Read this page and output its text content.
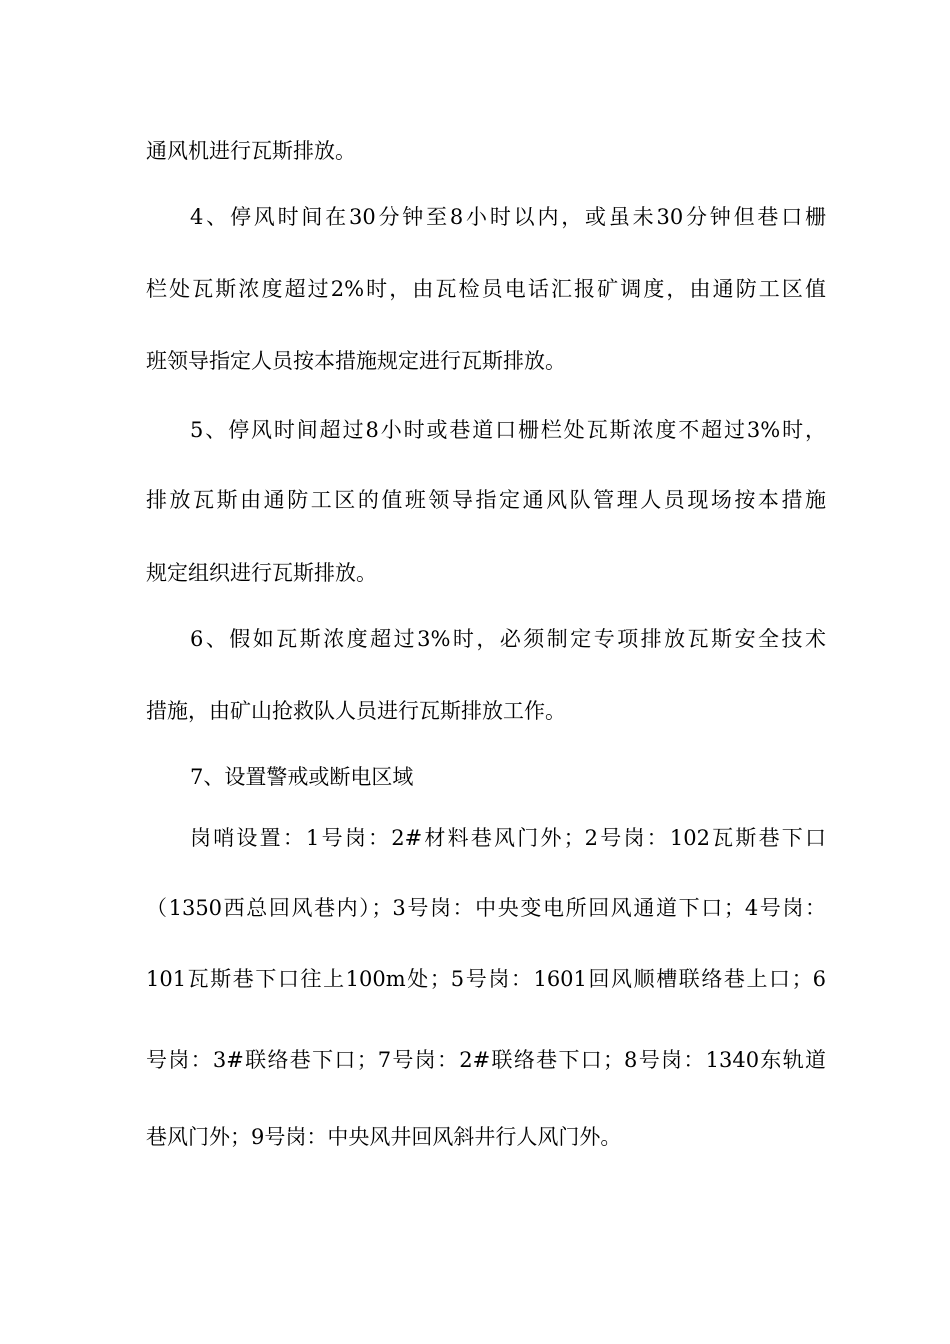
通风机进行瓦斯排放。
4、停风时间在30分钟至8小时以内，或虽未30分钟但巷口栅
栏处瓦斯浓度超过2%时，由瓦检员电话汇报矿调度，由通防工区值
班领导指定人员按本措施规定进行瓦斯排放。
5、停风时间超过8小时或巷道口栅栏处瓦斯浓度不超过3%时，
排放瓦斯由通防工区的值班领导指定通风队管理人员现场按本措施
规定组织进行瓦斯排放。
6、假如瓦斯浓度超过3%时，必须制定专项排放瓦斯安全技术
措施，由矿山抢救队人员进行瓦斯排放工作。
7、设置警戒或断电区域
岗哨设置：1号岗：2#材料巷风门外；2号岗：102瓦斯巷下口
（1350西总回风巷内）；3号岗：中央变电所回风通道下口；4号岗：
101瓦斯巷下口往上100m处；5号岗：1601回风顺槽联络巷上口；6
号岗：3#联络巷下口；7号岗：2#联络巷下口；8号岗：1340东轨道
巷风门外；9号岗：中央风井回风斜井行人风门外。
